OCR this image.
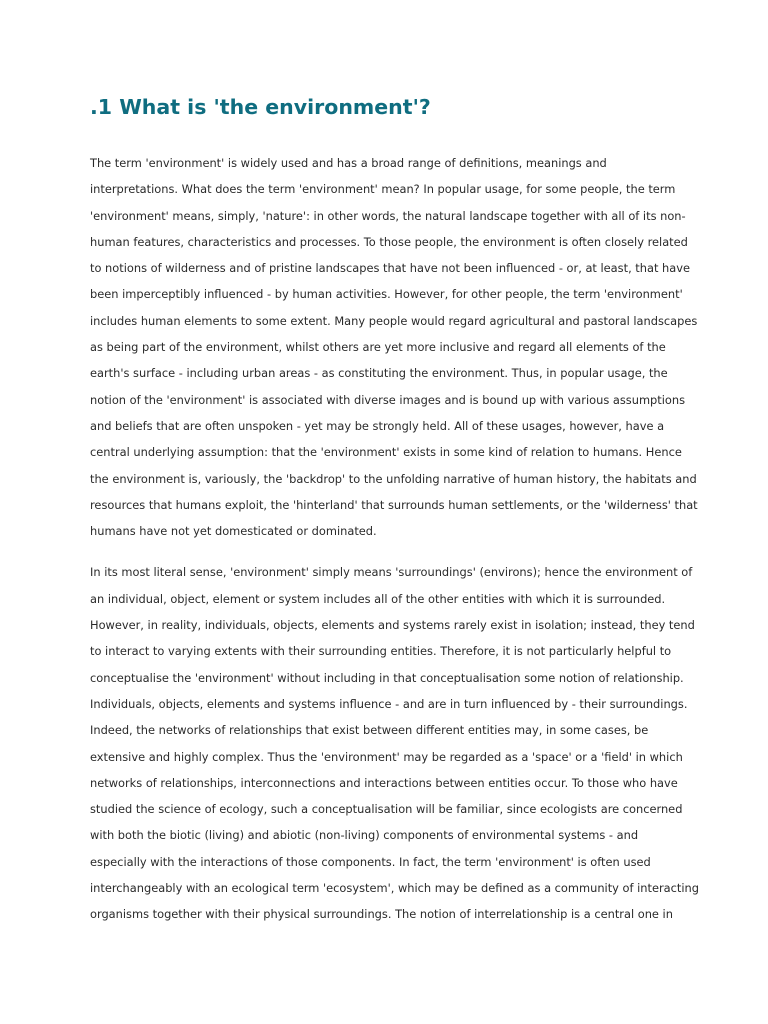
.1 What is 'the environment'?
The term 'environment' is widely used and has a broad range of definitions, meanings and
interpretations. What does the term 'environment' mean? In popular usage, for some people, the term
'environment' means, simply, 'nature': in other words, the natural landscape together with all of its non-
human features, characteristics and processes. To those people, the environment is often closely related
to notions of wilderness and of pristine landscapes that have not been influenced - or, at least, that have
been imperceptibly influenced - by human activities. However, for other people, the term 'environment'
includes human elements to some extent. Many people would regard agricultural and pastoral landscapes
as being part of the environment, whilst others are yet more inclusive and regard all elements of the
earth's surface - including urban areas - as constituting the environment. Thus, in popular usage, the
notion of the 'environment' is associated with diverse images and is bound up with various assumptions
and beliefs that are often unspoken - yet may be strongly held. All of these usages, however, have a
central underlying assumption: that the 'environment' exists in some kind of relation to humans. Hence
the environment is, variously, the 'backdrop' to the unfolding narrative of human history, the habitats and
resources that humans exploit, the 'hinterland' that surrounds human settlements, or the 'wilderness' that
humans have not yet domesticated or dominated.
In its most literal sense, 'environment' simply means 'surroundings' (environs); hence the environment of
an individual, object, element or system includes all of the other entities with which it is surrounded.
However, in reality, individuals, objects, elements and systems rarely exist in isolation; instead, they tend
to interact to varying extents with their surrounding entities. Therefore, it is not particularly helpful to
conceptualise the 'environment' without including in that conceptualisation some notion of relationship.
Individuals, objects, elements and systems influence - and are in turn influenced by - their surroundings.
Indeed, the networks of relationships that exist between different entities may, in some cases, be
extensive and highly complex. Thus the 'environment' may be regarded as a 'space' or a 'field' in which
networks of relationships, interconnections and interactions between entities occur. To those who have
studied the science of ecology, such a conceptualisation will be familiar, since ecologists are concerned
with both the biotic (living) and abiotic (non-living) components of environmental systems - and
especially with the interactions of those components. In fact, the term 'environment' is often used
interchangeably with an ecological term 'ecosystem', which may be defined as a community of interacting
organisms together with their physical surroundings. The notion of interrelationship is a central one in
